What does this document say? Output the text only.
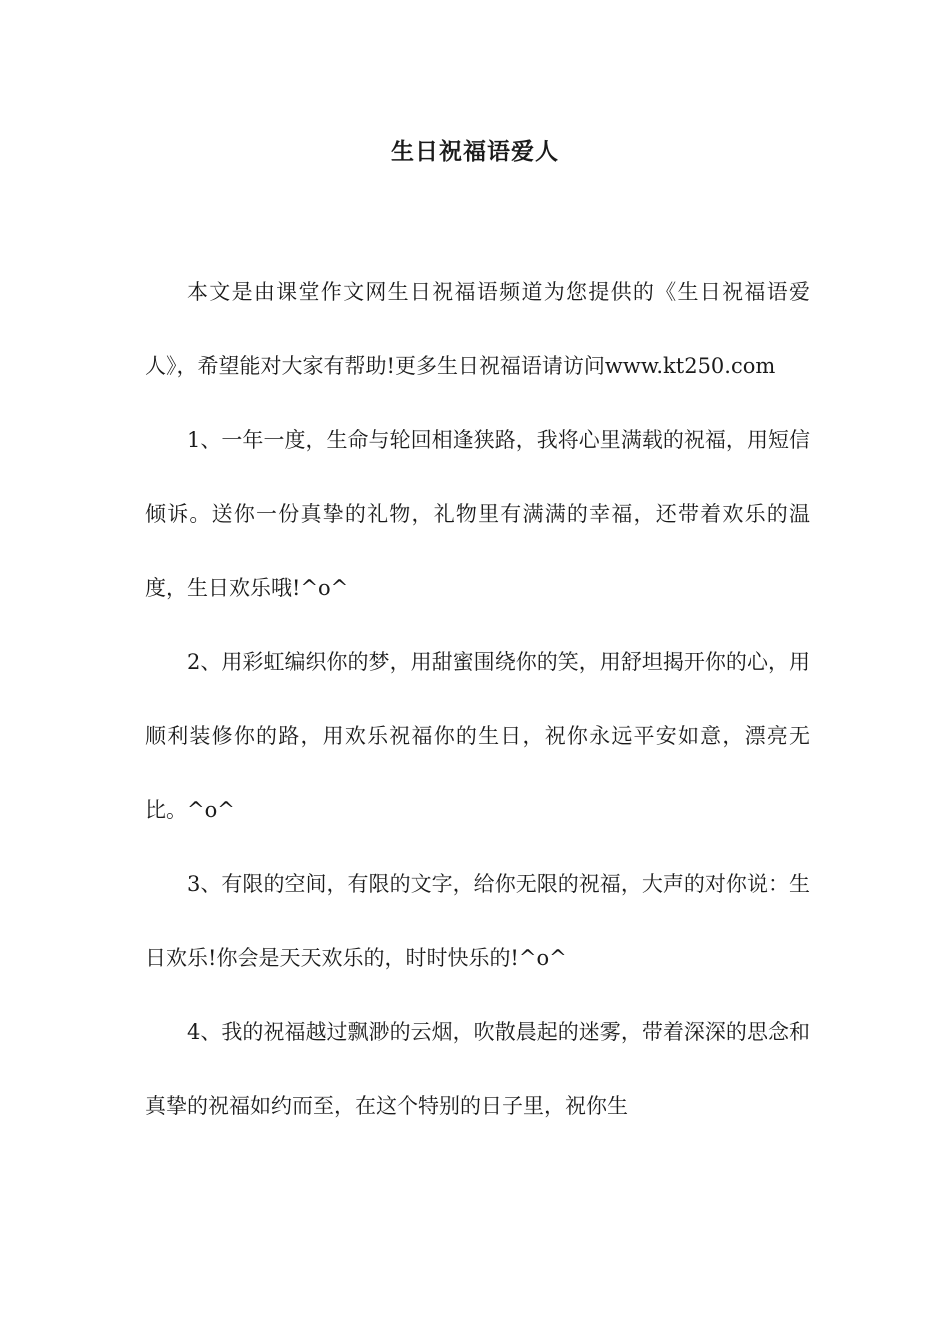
生日祝福语爱人

本文是由课堂作文网生日祝福语频道为您提供的《生日祝福语爱人》，希望能对大家有帮助!更多生日祝福语请访问www.kt250.com

1、一年一度，生命与轮回相逢狭路，我将心里满载的祝福，用短信倾诉。送你一份真挚的礼物，礼物里有满满的幸福，还带着欢乐的温度，生日欢乐哦!^o^

2、用彩虹编织你的梦，用甜蜜围绕你的笑，用舒坦揭开你的心，用顺利装修你的路，用欢乐祝福你的生日，祝你永远平安如意，漂亮无比。^o^

3、有限的空间，有限的文字，给你无限的祝福，大声的对你说：生日欢乐!你会是天天欢乐的，时时快乐的!^o^

4、我的祝福越过飘渺的云烟，吹散晨起的迷雾，带着深深的思念和真挚的祝福如约而至，在这个特别的日子里，祝你生
